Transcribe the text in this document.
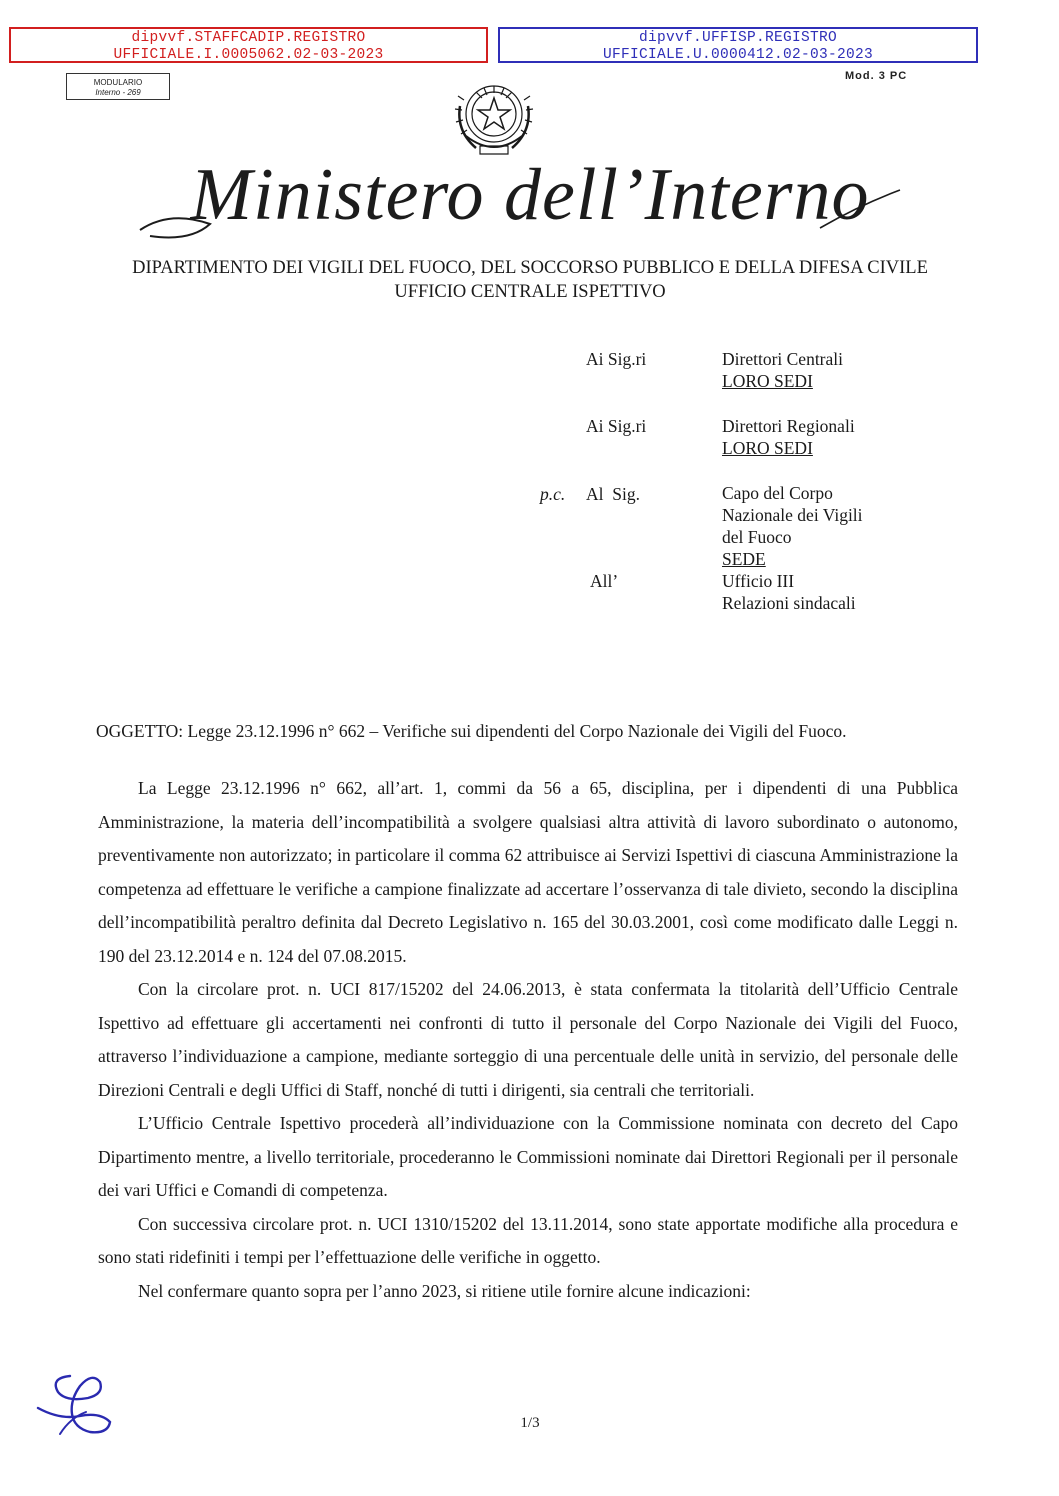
dipvvf.STAFFCADIP.REGISTRO
UFFICIALE.I.0005062.02-03-2023
dipvvf.UFFISP.REGISTRO
UFFICIALE.U.0000412.02-03-2023
MODULARIO
Interno - 269
Mod. 3 PC
Ministero dell’Interno
DIPARTIMENTO DEI VIGILI DEL FUOCO, DEL SOCCORSO PUBBLICO E DELLA DIFESA CIVILE
UFFICIO CENTRALE ISPETTIVO
Ai Sig.ri	Direttori Centrali
LORO SEDI
Ai Sig.ri	Direttori Regionali
LORO SEDI
p.c. Al  Sig.	Capo del Corpo
Nazionale dei Vigili
del Fuoco
SEDE
All’	Ufficio III
Relazioni sindacali
OGGETTO: Legge 23.12.1996 n° 662 – Verifiche sui dipendenti del Corpo Nazionale dei Vigili del Fuoco.

La Legge 23.12.1996 n° 662, all’art. 1, commi da 56 a 65, disciplina, per i dipendenti di una Pubblica Amministrazione, la materia dell’incompatibilità a svolgere qualsiasi altra attività di lavoro subordinato o autonomo, preventivamente non autorizzato; in particolare il comma 62 attribuisce ai Servizi Ispettivi di ciascuna Amministrazione la competenza ad effettuare le verifiche a campione finalizzate ad accertare l’osservanza di tale divieto, secondo la disciplina dell’incompatibilità peraltro definita dal Decreto Legislativo n. 165 del 30.03.2001, così come modificato dalle Leggi n. 190 del 23.12.2014 e n. 124 del 07.08.2015.

Con la circolare prot. n. UCI 817/15202 del 24.06.2013, è stata confermata la titolarità dell’Ufficio Centrale Ispettivo ad effettuare gli accertamenti nei confronti di tutto il personale del Corpo Nazionale dei Vigili del Fuoco, attraverso l’individuazione a campione, mediante sorteggio di una percentuale delle unità in servizio, del personale delle Direzioni Centrali e degli Uffici di Staff, nonché di tutti i dirigenti, sia centrali che territoriali.

L’Ufficio Centrale Ispettivo procederà all’individuazione con la Commissione nominata con decreto del Capo Dipartimento mentre, a livello territoriale, procederanno le Commissioni nominate dai Direttori Regionali per il personale dei vari Uffici e Comandi di competenza.

Con successiva circolare prot. n. UCI 1310/15202 del 13.11.2014, sono state apportate modifiche alla procedura e sono stati ridefiniti i tempi per l’effettuazione delle verifiche in oggetto.

Nel confermare quanto sopra per l’anno 2023, si ritiene utile fornire alcune indicazioni:

1/3
